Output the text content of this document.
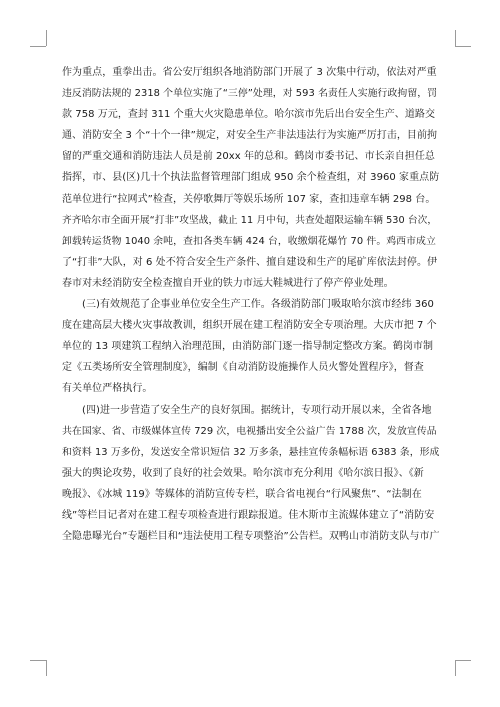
作为重点，重拳出击。省公安厅组织各地消防部门开展了 3 次集中行动，依法对严重
违反消防法规的 2318 个单位实施了“三停”处理，对 593 名责任人实施行政拘留，罚
款 758 万元，查封 311 个重大火灾隐患单位。哈尔滨市先后出台安全生产、道路交
通、消防安全 3 个“十个一律”规定，对安全生产非法违法行为实施严厉打击，目前拘
留的严重交通和消防违法人员是前 20xx 年的总和。鹤岗市委书记、市长亲自担任总
指挥，市、县(区)几十个执法监督管理部门组成 950 余个检查组，对 3960 家重点防
范单位进行“拉网式”检查，关停歌舞厅等娱乐场所 107 家，查扣违章车辆 298 台。
齐齐哈尔市全面开展“打非”攻坚战，截止 11 月中旬，共查处超限运输车辆 530 台次，
卸载转运货物 1040 余吨，查扣各类车辆 424 台，收缴烟花爆竹 70 件。鸡西市成立
了“打非”大队，对 6 处不符合安全生产条件、擅自建设和生产的尾矿库依法封停。伊
春市对未经消防安全检查擅自开业的铁力市远大鞋城进行了停产停业处理。
(三)有效规范了企事业单位安全生产工作。各级消防部门吸取哈尔滨市经纬 360
度在建高层大楼火灾事故教训，组织开展在建工程消防安全专项治理。大庆市把 7 个
单位的 13 项建筑工程纳入治理范围，由消防部门逐一指导制定整改方案。鹤岗市制
定《五类场所安全管理制度》，编制《自动消防设施操作人员火警处置程序》，督查
有关单位严格执行。
(四)进一步营造了安全生产的良好氛围。据统计，专项行动开展以来，全省各地
共在国家、省、市级媒体宣传 729 次，电视播出安全公益广告 1788 次，发放宣传品
和资料 13 万多份，发送安全常识短信 32 万多条，悬挂宣传条幅标语 6383 条，形成
强大的舆论攻势，收到了良好的社会效果。哈尔滨市充分利用《哈尔滨日报》、《新
晚报》、《冰城 119》等媒体的消防宣传专栏，联合省电视台“行风聚焦”、“法制在
线”等栏目记者对在建工程专项检查进行跟踪报道。佳木斯市主流媒体建立了“消防安
全隐患曝光台”专题栏目和“违法使用工程专项整治”公告栏。双鸭山市消防支队与市广
